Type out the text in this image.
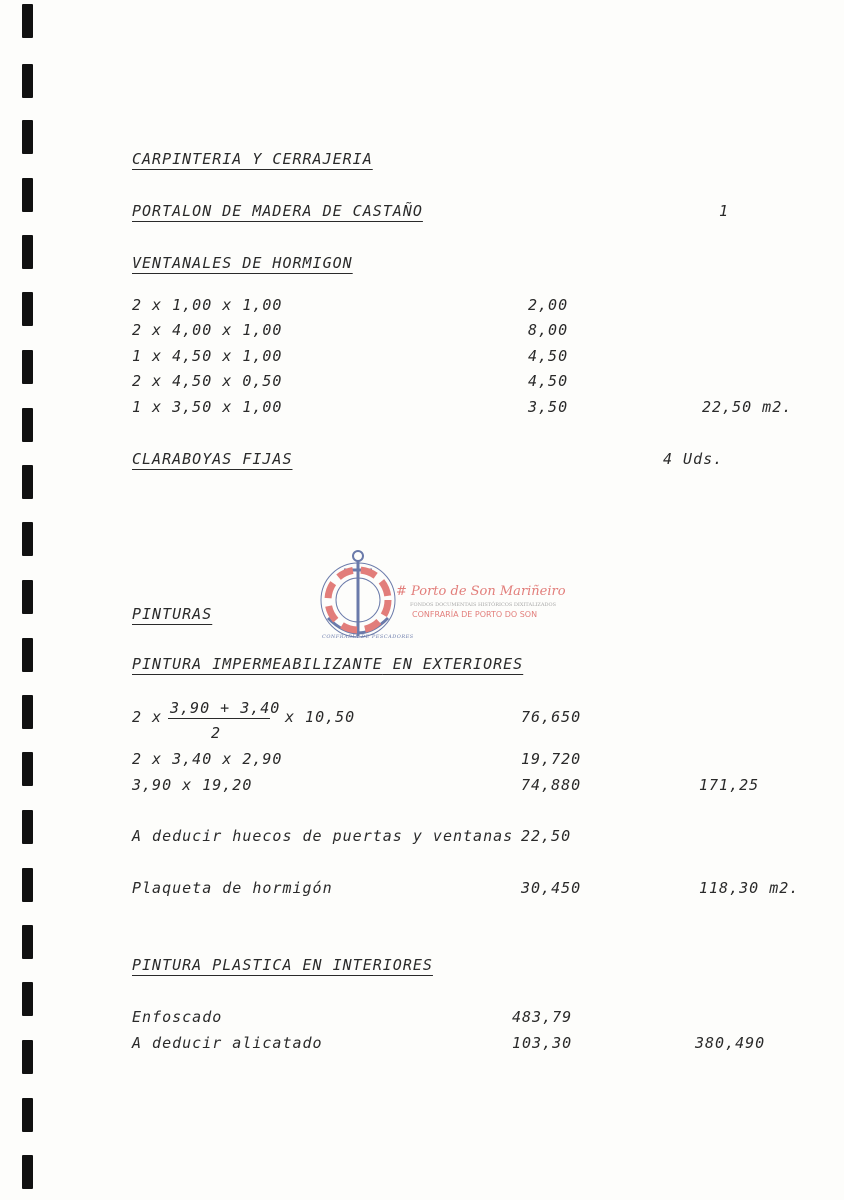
CARPINTERIA Y CERRAJERIA
PORTALON DE MADERA DE CASTAÑO	1
VENTANALES DE HORMIGON
2 x 1,00 x 1,00	2,00
2 x 4,00 x 1,00	8,00
1 x 4,50 x 1,00	4,50
2 x 4,50 x 0,50	4,50
1 x 3,50 x 1,00	3,50	22,50 m2.
CLARABOYAS FIJAS	4 Uds.
CONFRARÍA DE PESCADORES
# Porto de Son Mariñeiro
FONDOS DOCUMENTAIS HISTÓRICOS DIXITALIZADOS
CONFRARÍA DE PORTO DO SON
PINTURAS
PINTURA IMPERMEABILIZANTE EN EXTERIORES
2 x 3,90 + 3,40
2
x 10,50	76,650
2 x 3,40 x 2,90	19,720
3,90 x 19,20	74,880	171,25
A deducir huecos de puertas y ventanas 22,50
Plaqueta de hormigón	30,450	118,30 m2.
PINTURA PLASTICA EN INTERIORES
Enfoscado	483,79
A deducir alicatado	103,30	380,490
